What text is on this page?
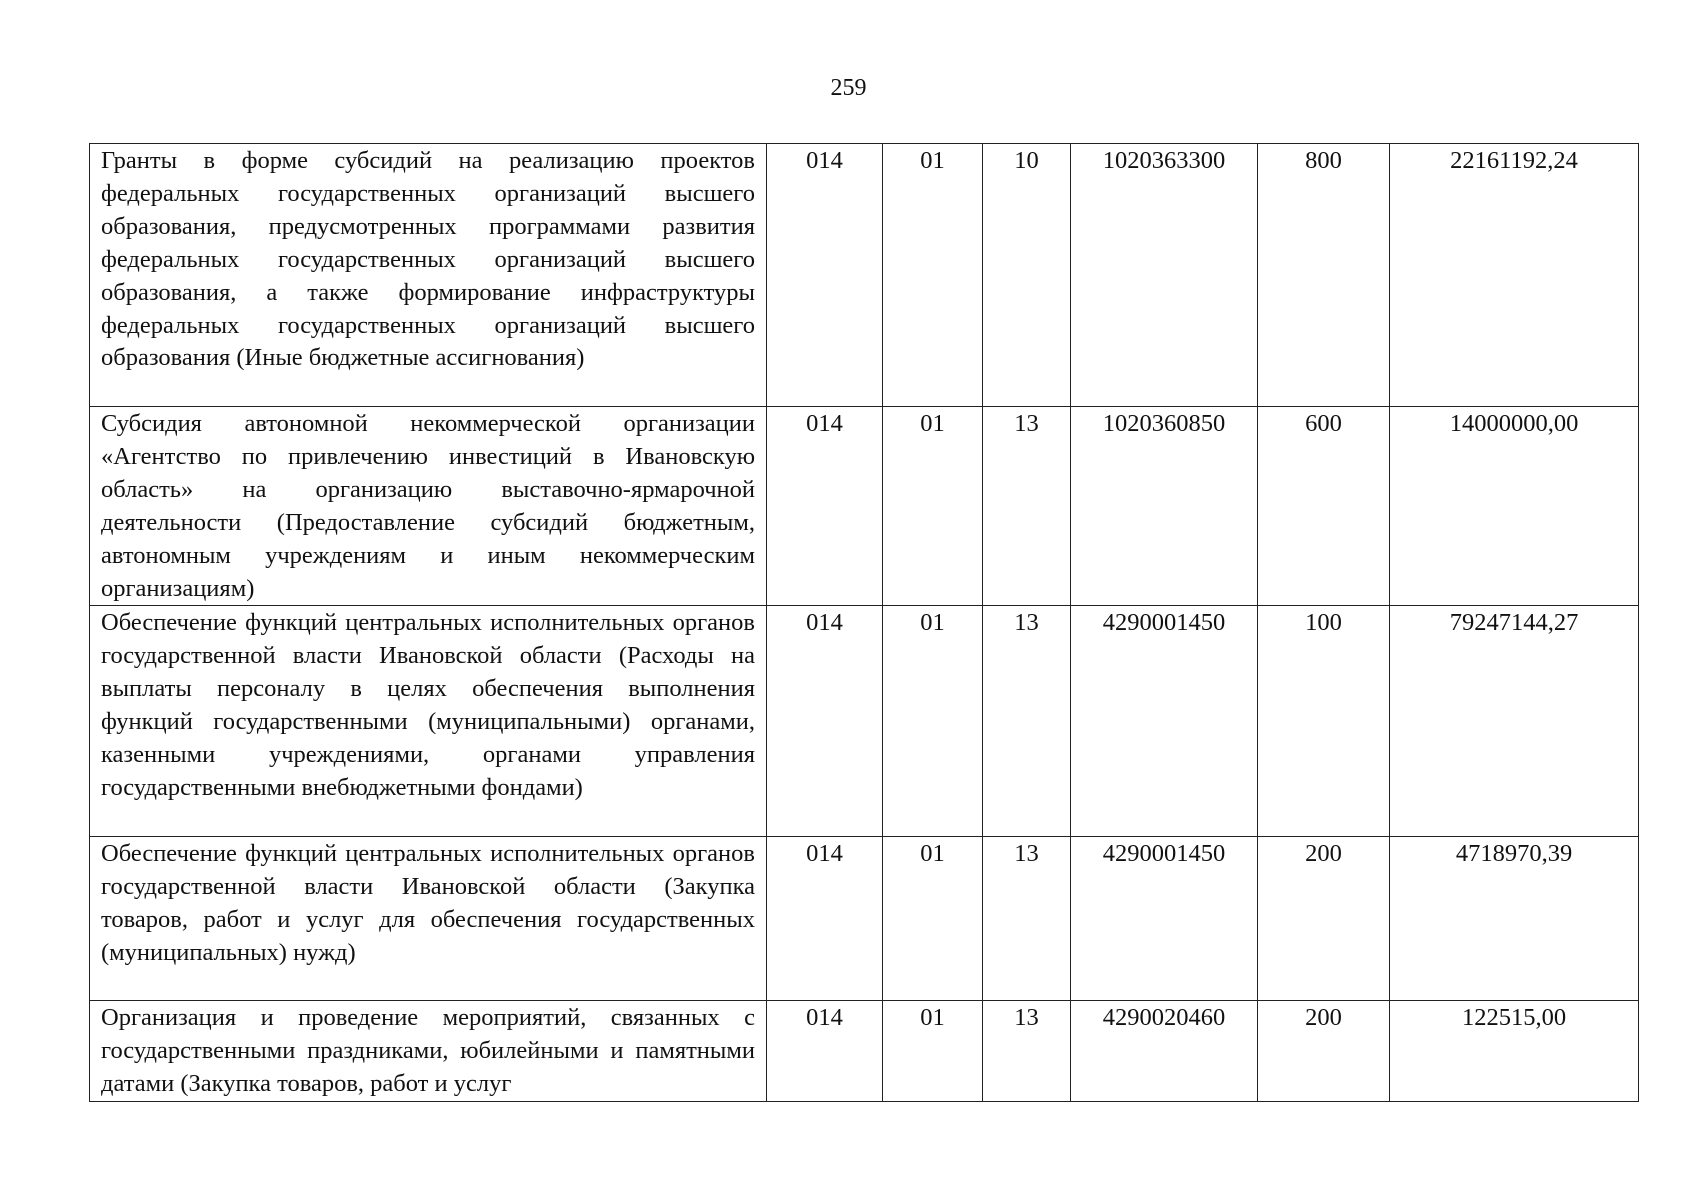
259
Гранты в форме субсидий на реализацию проектов федеральных государственных организаций высшего образования, предусмотренных программами развития федеральных государственных организаций высшего образования, а также формирование инфраструктуры федеральных государственных организаций высшего образования (Иные бюджетные ассигнования)	014	01	10	1020363300	800	22161192,24
Субсидия автономной некоммерческой организации «Агентство по привлечению инвестиций в Ивановскую область» на организацию выставочно-ярмарочной деятельности (Предоставление субсидий бюджетным, автономным учреждениям и иным некоммерческим организациям)	014	01	13	1020360850	600	14000000,00
Обеспечение функций центральных исполнительных органов государственной власти Ивановской области (Расходы на выплаты персоналу в целях обеспечения выполнения функций государственными (муниципальными) органами, казенными учреждениями, органами управления государственными внебюджетными фондами)	014	01	13	4290001450	100	79247144,27
Обеспечение функций центральных исполнительных органов государственной власти Ивановской области (Закупка товаров, работ и услуг для обеспечения государственных (муниципальных) нужд)	014	01	13	4290001450	200	4718970,39
Организация и проведение мероприятий, связанных с государственными праздниками, юбилейными и памятными датами (Закупка товаров, работ и услуг	014	01	13	4290020460	200	122515,00
